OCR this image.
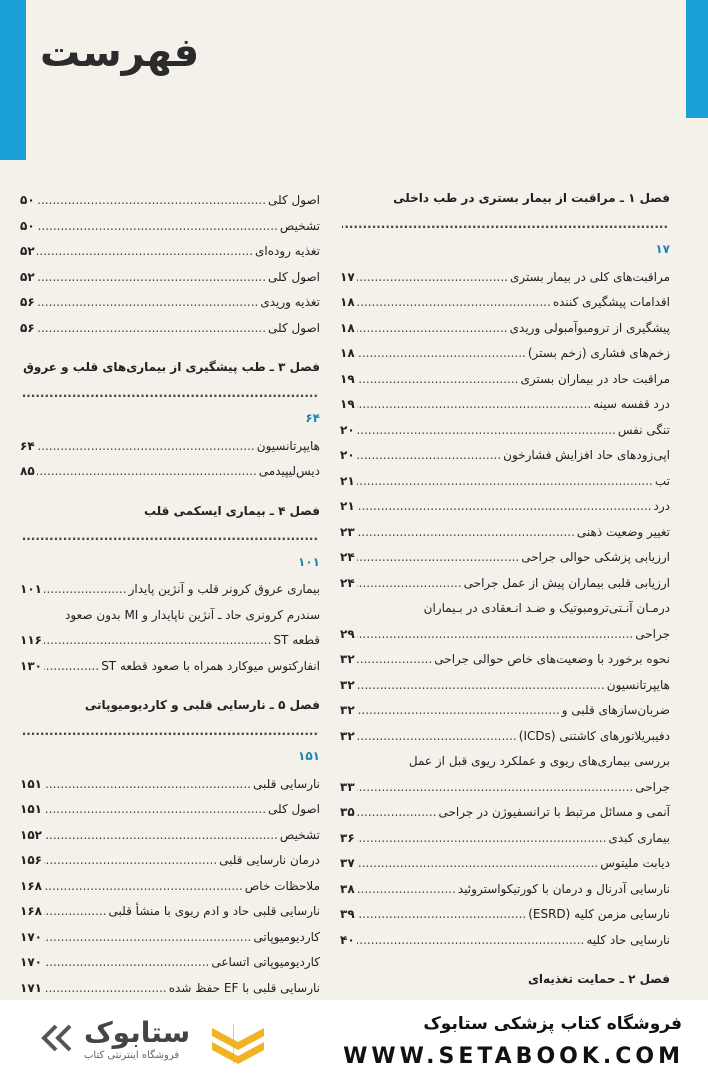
فهرست
فصل ۱ ـ مراقبت از بیمار بستری در طب داخلی
.....
۱۷
مراقبت‌های کلی در بیمار بستری
.....
۱۷
اقدامات پیشگیری کننده
.....
۱۸
پیشگیری از ترومبوآمبولی وریدی
.....
۱۸
زخم‌های فشاری (زخم بستر)
.....
۱۸
مراقبت حاد در بیماران بستری
.....
۱۹
درد قفسه سینه
.....
۱۹
تنگی نفس
.....
۲۰
اپی‌زودهای حاد افزایش فشارخون
.....
۲۰
تب
.....
۲۱
درد
.....
۲۱
تغییر وضعیت ذهنی
.....
۲۳
ارزیابی پزشکی حوالی جراحی
.....
۲۴
ارزیابی قلبی بیماران پیش از عمل جراحی
.....
۲۴
درمـان آنـتی‌ترومبوتیک و ضـد انـعقادی در بـیماران
جراحی
.....
۲۹
نحوه برخورد با وضعیت‌های خاص حوالی جراحی
.....
۳۲
هایپرتانسیون
.....
۳۲
ضربان‌سازهای قلبی و
.....
۳۲
دفیبریلاتورهای کاشتنی (ICDs)
.....
۳۲
بررسی بیماری‌های ریوی و عملکرد ریوی قبل از عمل
جراحی
.....
۳۳
آنمی و مسائل مرتبط با ترانسفیوژن در جراحی
.....
۳۵
بیماری کبدی
.....
۳۶
دیابت ملیتوس
.....
۳۷
نارسایی آدرنال و درمان با کورتیکواستروئید
.....
۳۸
نارسایی مزمن کلیه (ESRD)
.....
۳۹
نارسایی حاد کلیه
.....
۴۰
فصل ۲ ـ حمایت تغذیه‌ای
.....
اصول کلی
.....
۵۰
تشخیص
.....
۵۰
تغذیه روده‌ای
.....
۵۲
اصول کلی
.....
۵۲
تغذیه وریدی
.....
۵۶
اصول کلی
.....
۵۶
فصل ۳ ـ طب پیشگیری از بیماری‌های قلب و عروق
.....
۶۴
هایپرتانسیون
.....
۶۴
دیس‌لیپیدمی
.....
۸۵
فصل ۴ ـ بیماری ایسکمی قلب
.....
۱۰۱
بیماری عروق کرونر قلب و آنژین پایدار
.....
۱۰۱
سندرم کرونری حاد ـ آنژین ناپایدار و MI بدون صعود
قطعه ST
.....
۱۱۶
انفارکتوس میوکارد همراه با صعود قطعه ST
.....
۱۳۰
فصل ۵ ـ نارسایی قلبی و کاردیومیوپاتی
.....
۱۵۱
نارسایی قلبی
.....
۱۵۱
اصول کلی
.....
۱۵۱
تشخیص
.....
۱۵۲
درمان نارسایی قلبی
.....
۱۵۶
ملاحظات خاص
.....
۱۶۸
نارسایی قلبی حاد و ادم ریوی با منشأ قلبی
.....
۱۶۸
کاردیومیوپاتی
.....
۱۷۰
کاردیومیوپاتی اتساعی
.....
۱۷۰
نارسایی قلبی با EF حفظ شده
.....
۱۷۱
ستابوک
فروشگاه اینترنتی کتاب
فروشگاه کتاب پزشکی ستابوک
WWW.SETABOOK.COM
